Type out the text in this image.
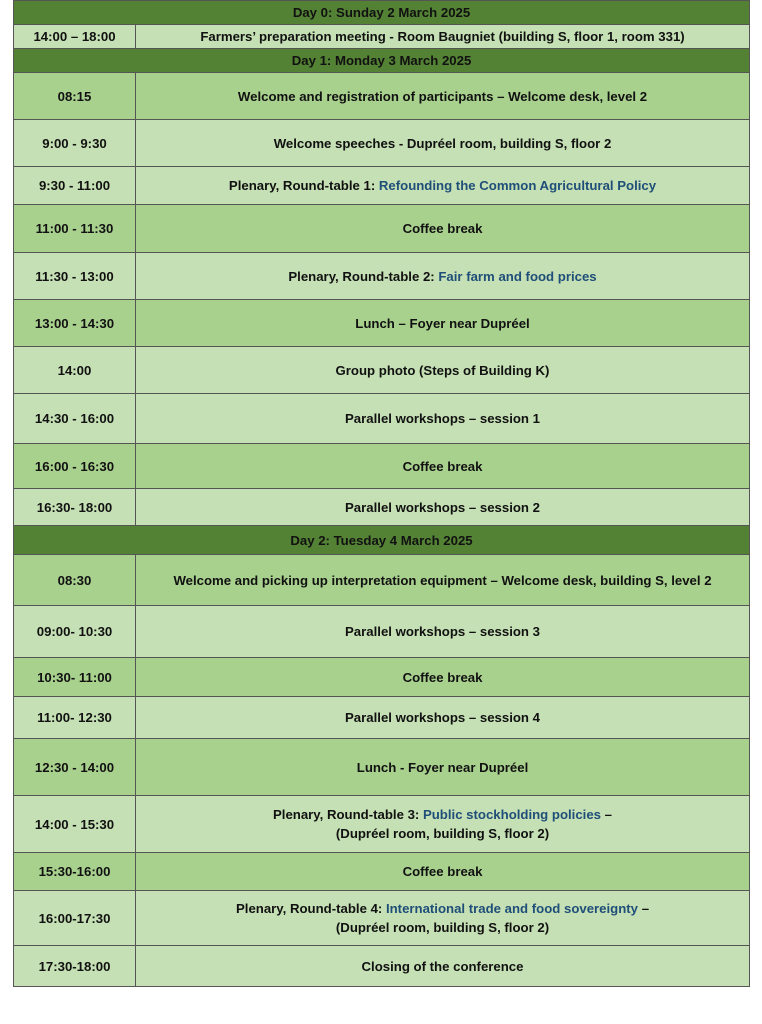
Day 0: Sunday 2 March 2025	
14:00 – 18:00	Farmers’ preparation meeting - Room Baugniet (building S, floor 1, room 331)
Day 1: Monday 3 March 2025	
08:15	Welcome and registration of participants – Welcome desk, level 2
9:00 - 9:30	Welcome speeches - Dupréel room, building S, floor 2
9:30 - 11:00	Plenary, Round-table 1: Refounding the Common Agricultural Policy
11:00 - 11:30	Coffee break
11:30 - 13:00	Plenary, Round-table 2: Fair farm and food prices
13:00 - 14:30	Lunch – Foyer near Dupréel
14:00	Group photo (Steps of Building K)
14:30 - 16:00	Parallel workshops – session 1
16:00 - 16:30	Coffee break
16:30- 18:00	Parallel workshops – session 2
Day 2: Tuesday 4 March 2025	
08:30	Welcome and picking up interpretation equipment – Welcome desk, building S, level 2
09:00- 10:30	Parallel workshops – session 3
10:30- 11:00	Coffee break
11:00- 12:30	Parallel workshops – session 4
12:30 - 14:00	Lunch - Foyer near Dupréel
14:00 - 15:30	Plenary, Round-table 3: Public stockholding policies –
(Dupréel room, building S, floor 2)
15:30-16:00	Coffee break
16:00-17:30	Plenary, Round-table 4: International trade and food sovereignty –
(Dupréel room, building S, floor 2)
17:30-18:00	Closing of the conference
